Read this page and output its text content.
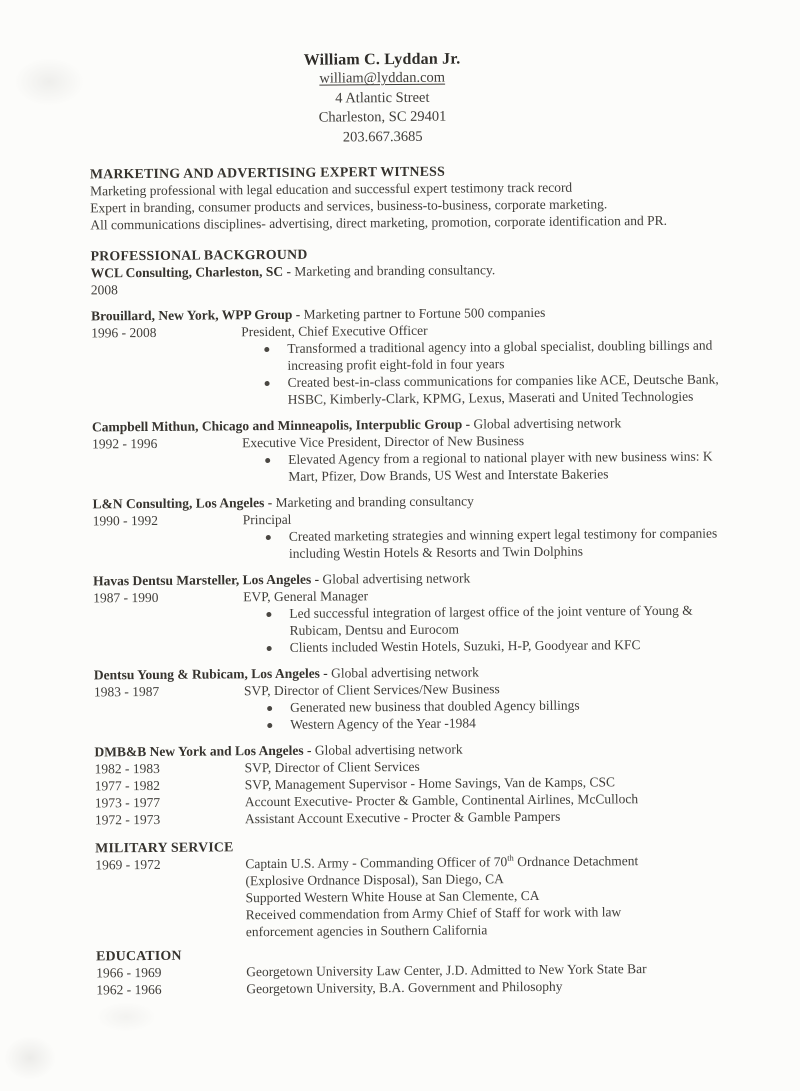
William C. Lyddan Jr.
william@lyddan.com
4 Atlantic Street
Charleston, SC 29401
203.667.3685
MARKETING AND ADVERTISING EXPERT WITNESS
Marketing professional with legal education and successful expert testimony track record
Expert in branding, consumer products and services, business-to-business, corporate marketing.
All communications disciplines- advertising, direct marketing, promotion, corporate identification and PR.
PROFESSIONAL BACKGROUND
WCL Consulting, Charleston, SC - Marketing and branding consultancy.
2008
Brouillard, New York, WPP Group - Marketing partner to Fortune 500 companies
1996 - 2008	President, Chief Executive Officer
Transformed a traditional agency into a global specialist, doubling billings and increasing profit eight-fold in four years
Created best-in-class communications for companies like ACE, Deutsche Bank, HSBC, Kimberly-Clark, KPMG, Lexus, Maserati and United Technologies
Campbell Mithun, Chicago and Minneapolis, Interpublic Group - Global advertising network
1992 - 1996	Executive Vice President, Director of New Business
Elevated Agency from a regional to national player with new business wins: K Mart, Pfizer, Dow Brands, US West and Interstate Bakeries
L&N Consulting, Los Angeles - Marketing and branding consultancy
1990 - 1992	Principal
Created marketing strategies and winning expert legal testimony for companies including Westin Hotels & Resorts and Twin Dolphins
Havas Dentsu Marsteller, Los Angeles - Global advertising network
1987 - 1990	EVP, General Manager
Led successful integration of largest office of the joint venture of Young & Rubicam, Dentsu and Eurocom
Clients included Westin Hotels, Suzuki, H-P, Goodyear and KFC
Dentsu Young & Rubicam, Los Angeles - Global advertising network
1983 - 1987	SVP, Director of Client Services/New Business
Generated new business that doubled Agency billings
Western Agency of the Year -1984
DMB&B New York and Los Angeles - Global advertising network
1982 - 1983	SVP, Director of Client Services
1977 - 1982	SVP, Management Supervisor - Home Savings, Van de Kamps, CSC
1973 - 1977	Account Executive- Procter & Gamble, Continental Airlines, McCulloch
1972 - 1973	Assistant Account Executive - Procter & Gamble Pampers
MILITARY SERVICE
1969 - 1972	Captain U.S. Army - Commanding Officer of 70th Ordnance Detachment (Explosive Ordnance Disposal), San Diego, CA
Supported Western White House at San Clemente, CA
Received commendation from Army Chief of Staff for work with law enforcement agencies in Southern California
EDUCATION
1966 - 1969	Georgetown University Law Center, J.D. Admitted to New York State Bar
1962 - 1966	Georgetown University, B.A. Government and Philosophy
